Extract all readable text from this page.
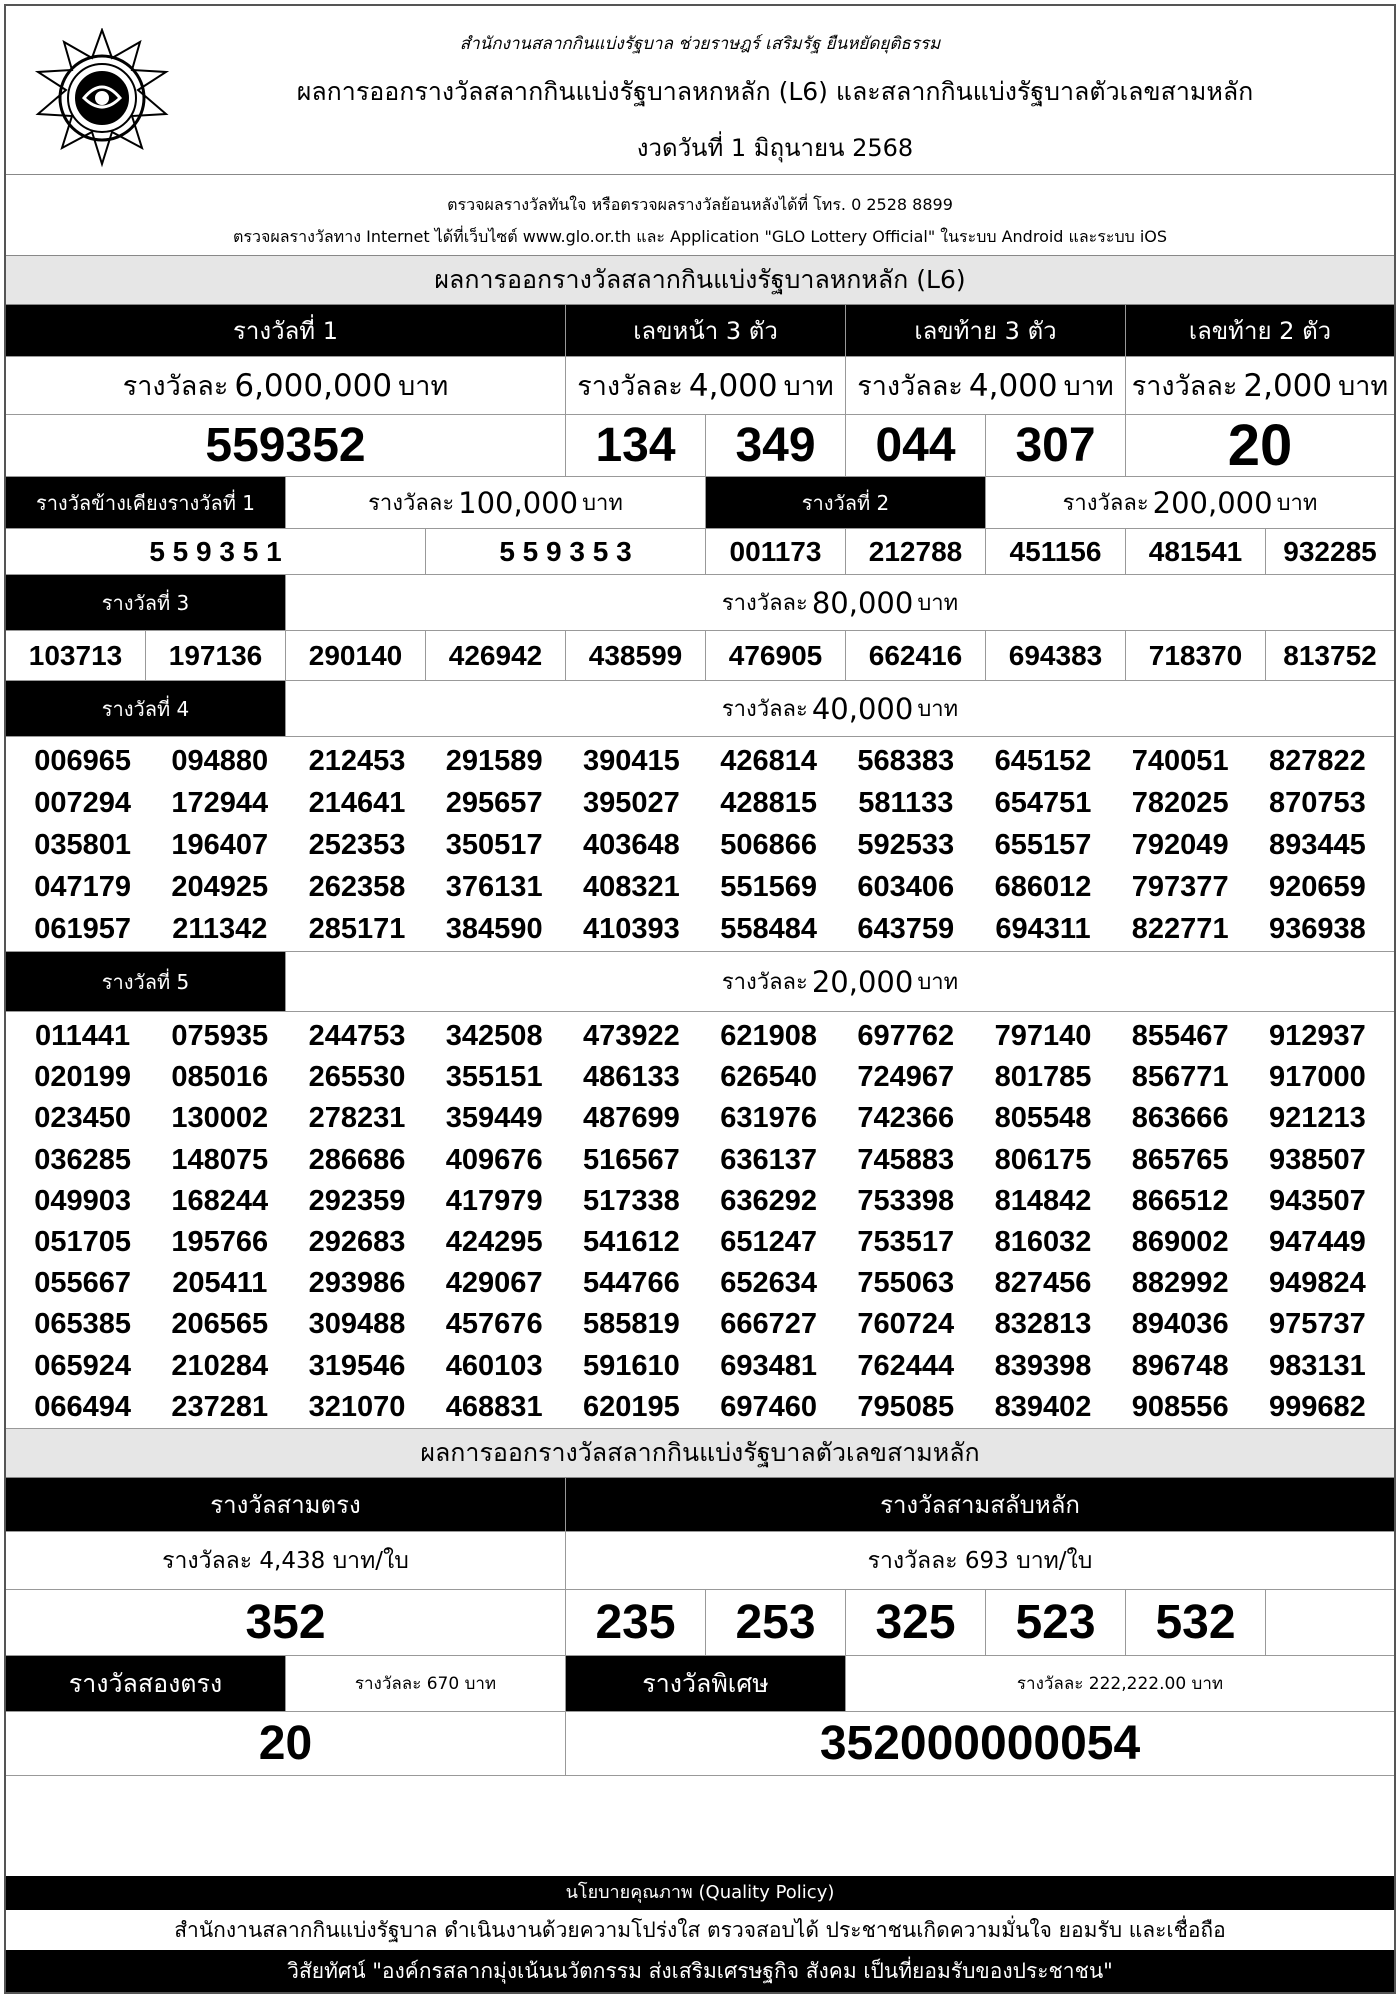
สำนักงานสลากกินแบ่งรัฐบาล ช่วยราษฎร์ เสริมรัฐ ยืนหยัดยุติธรรม
ผลการออกรางวัลสลากกินแบ่งรัฐบาลหกหลัก (L6) และสลากกินแบ่งรัฐบาลตัวเลขสามหลัก
งวดวันที่ 1 มิถุนายน 2568
ตรวจผลรางวัลทันใจ หรือตรวจผลรางวัลย้อนหลังได้ที่ โทร. 0 2528 8899
ตรวจผลรางวัลทาง Internet ได้ที่เว็บไซต์ www.glo.or.th และ Application "GLO Lottery Official" ในระบบ Android และระบบ iOS
ผลการออกรางวัลสลากกินแบ่งรัฐบาลหกหลัก (L6)
รางวัลที่ 1	เลขหน้า 3 ตัว	เลขท้าย 3 ตัว	เลขท้าย 2 ตัว
รางวัลละ 6,000,000 บาท	รางวัลละ 4,000 บาท รางวัลละ 4,000 บาท รางวัลละ 2,000 บาท
559352	134	349	044	307	20
รางวัลข้างเคียงรางวัลที่ 1	รางวัลละ 100,000 บาท	รางวัลที่ 2	รางวัลละ 200,000 บาท
5 5 9 3 5 1	5 5 9 3 5 3	001173	212788	451156	481541	932285
รางวัลที่ 3	รางวัลละ 80,000 บาท
103713	197136	290140	426942	438599	476905	662416	694383	718370	813752
รางวัลที่ 4	รางวัลละ 40,000 บาท
006965	094880	212453	291589	390415	426814	568383	645152	740051	827822
007294	172944	214641	295657	395027	428815	581133	654751	782025	870753
035801	196407	252353	350517	403648	506866	592533	655157	792049	893445
047179	204925	262358	376131	408321	551569	603406	686012	797377	920659
061957	211342	285171	384590	410393	558484	643759	694311	822771	936938
รางวัลที่ 5	รางวัลละ 20,000 บาท
011441	075935	244753	342508	473922	621908	697762	797140	855467	912937
020199	085016	265530	355151	486133	626540	724967	801785	856771	917000
023450	130002	278231	359449	487699	631976	742366	805548	863666	921213
036285	148075	286686	409676	516567	636137	745883	806175	865765	938507
049903	168244	292359	417979	517338	636292	753398	814842	866512	943507
051705	195766	292683	424295	541612	651247	753517	816032	869002	947449
055667	205411	293986	429067	544766	652634	755063	827456	882992	949824
065385	206565	309488	457676	585819	666727	760724	832813	894036	975737
065924	210284	319546	460103	591610	693481	762444	839398	896748	983131
066494	237281	321070	468831	620195	697460	795085	839402	908556	999682
ผลการออกรางวัลสลากกินแบ่งรัฐบาลตัวเลขสามหลัก
รางวัลสามตรง	รางวัลสามสลับหลัก
รางวัลละ 4,438 บาท/ใบ	รางวัลละ 693 บาท/ใบ
352	235	253	325	523	532
รางวัลสองตรง	รางวัลละ 670 บาท	รางวัลพิเศษ	รางวัลละ 222,222.00 บาท
20	352000000054
นโยบายคุณภาพ (Quality Policy)
สำนักงานสลากกินแบ่งรัฐบาล ดำเนินงานด้วยความโปร่งใส ตรวจสอบได้ ประชาชนเกิดความมั่นใจ ยอมรับ และเชื่อถือ
วิสัยทัศน์ "องค์กรสลากมุ่งเน้นนวัตกรรม ส่งเสริมเศรษฐกิจ สังคม เป็นที่ยอมรับของประชาชน"
